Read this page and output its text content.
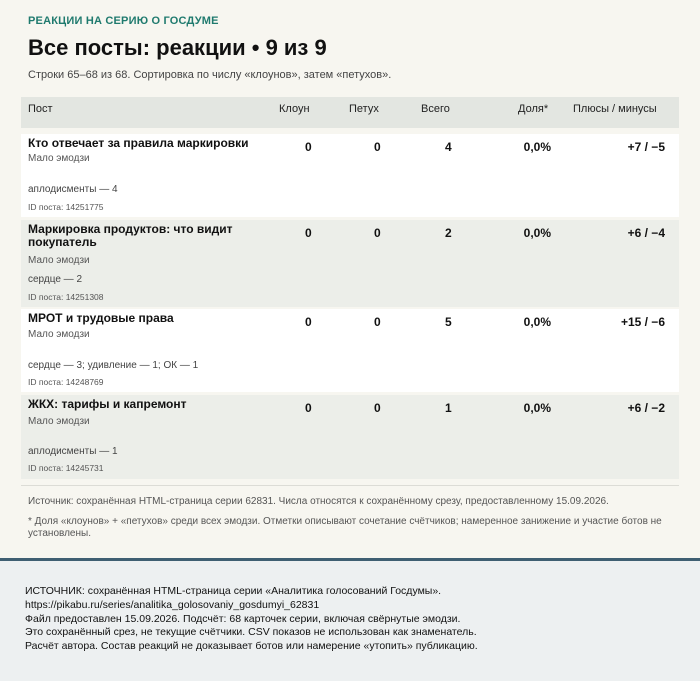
РЕАКЦИИ НА СЕРИЮ О ГОСДУМЕ
Все посты: реакции • 9 из 9
Строки 65–68 из 68. Сортировка по числу «клоунов», затем «петухов».
Пост	Клоун	Петух	Всего	Доля* Плюсы / минусы
Кто отвечает за правила маркировки
Мало эмодзи
аплодисменты — 4
ID поста: 14251775
0	0	4	0,0%	+7 / −5
Маркировка продуктов: что видит покупатель
Мало эмодзи
сердце — 2
ID поста: 14251308
0	0	2	0,0%	+6 / −4
МРОТ и трудовые права
Мало эмодзи
сердце — 3; удивление — 1; ОК — 1
ID поста: 14248769
0	0	5	0,0%	+15 / −6
ЖКХ: тарифы и капремонт
Мало эмодзи
аплодисменты — 1
ID поста: 14245731
0	0	1	0,0%	+6 / −2
Источник: сохранённая HTML-страница серии 62831. Числа относятся к сохранённому срезу, предоставленному 15.09.2026.
* Доля «клоунов» + «петухов» среди всех эмодзи. Отметки описывают сочетание счётчиков; намеренное занижение и участие ботов не установлены.
ИСТОЧНИК: сохранённая HTML-страница серии «Аналитика голосований Госдумы».
https://pikabu.ru/series/analitika_golosovaniy_gosdumyi_62831
Файл предоставлен 15.09.2026. Подсчёт: 68 карточек серии, включая свёрнутые эмодзи.
Это сохранённый срез, не текущие счётчики. CSV показов не использован как знаменатель.
Расчёт автора. Состав реакций не доказывает ботов или намерение «утопить» публикацию.
